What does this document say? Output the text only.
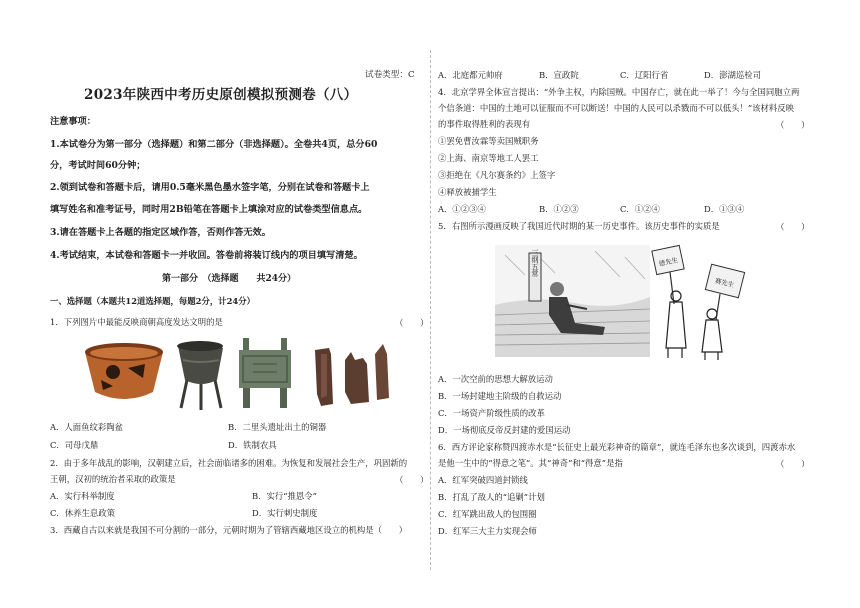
试卷类型：C
2023年陕西中考历史原创模拟预测卷（八）
注意事项：
1.本试卷分为第一部分（选择题）和第二部分（非选择题）。全卷共4页，总分60
分，考试时间60分钟；
2.领到试卷和答题卡后，请用0.5毫米黑色墨水签字笔，分别在试卷和答题卡上
填写姓名和准考证号，同时用2B铅笔在答题卡上填涂对应的试卷类型信息点。
3.请在答题卡上各题的指定区域作答，否则作答无效。
4.考试结束，本试卷和答题卡一并收回。答卷前将装订线内的项目填写清楚。
第一部分　（选择题　　共24分）
一、选择题（本题共12道选择题，每题2分，计24分）
1．下列图片中最能反映商朝高度发达文明的是	（　　）
A．人面鱼纹彩陶盆	B．二里头遗址出土的铜器
C．司母戊鼎	D．铁制农具
2．由于多年战乱的影响，汉朝建立后，社会面临诸多的困难。为恢复和发展社会生产，巩固新的
王朝，汉初的统治者采取的政策是	（　　）
A．实行科举制度	B．实行“推恩令”
C．休养生息政策	D．实行刺史制度
3．西藏自古以来就是我国不可分割的一部分，元朝时期为了管辖西藏地区设立的机构是（　　）
A．北庭都元帅府	B．宣政院	C．辽阳行省	D．澎湖巡检司
4．北京学界全体宣言提出：“外争主权，内除国贼。中国存亡，就在此一举了！今与全国同胞立两
个信条道：中国的土地可以征服而不可以断送！中国的人民可以杀戮而不可以低头！”该材料反映
的事件取得胜利的表现有	（　　）
①罢免曹汝霖等卖国贼职务
②上海、南京等地工人罢工
③拒绝在《凡尔赛条约》上签字
④释放被捕学生
A．①②③④	B．①②③	C．①②④	D．①③④
5．右图所示漫画反映了我国近代时期的某一历史事件。该历史事件的实质是	（　　）
三纲五常	德先生
赛先生
A．一次空前的思想大解放运动
B．一场封建地主阶级的自救运动
C．一场资产阶级性质的改革
D．一场彻底反帝反封建的爱国运动
6．西方评论家称赞四渡赤水是“长征史上最光彩神奇的篇章”，就连毛泽东也多次谈到，四渡赤水
是他一生中的“得意之笔”。其“神奇”和“得意”是指	（　　）
A．红军突破四道封锁线
B．打乱了敌人的“追剿”计划
C．红军跳出敌人的包围圈
D．红军三大主力实现会师
